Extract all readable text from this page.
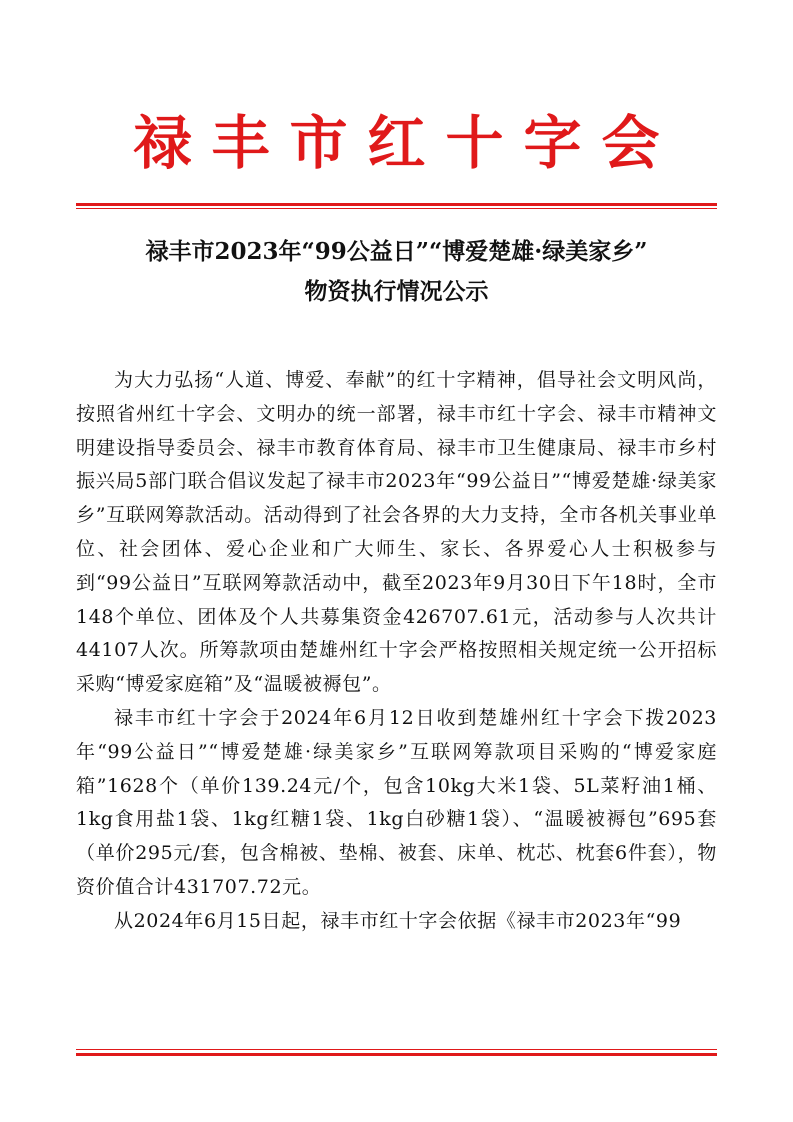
禄丰市红十字会
禄丰市2023年“99公益日”“博爱楚雄·绿美家乡”
物资执行情况公示

为大力弘扬“人道、博爱、奉献”的红十字精神，倡导社会文明风尚，按照省州红十字会、文明办的统一部署，禄丰市红十字会、禄丰市精神文明建设指导委员会、禄丰市教育体育局、禄丰市卫生健康局、禄丰市乡村振兴局5部门联合倡议发起了禄丰市2023年“99公益日”“博爱楚雄·绿美家乡”互联网筹款活动。活动得到了社会各界的大力支持，全市各机关事业单位、社会团体、爱心企业和广大师生、家长、各界爱心人士积极参与到“99公益日”互联网筹款活动中，截至2023年9月30日下午18时，全市148个单位、团体及个人共募集资金426707.61元，活动参与人次共计44107人次。所筹款项由楚雄州红十字会严格按照相关规定统一公开招标采购“博爱家庭箱”及“温暖被褥包”。

禄丰市红十字会于2024年6月12日收到楚雄州红十字会下拨2023年“99公益日”“博爱楚雄·绿美家乡”互联网筹款项目采购的“博爱家庭箱”1628个（单价139.24元/个，包含10kg大米1袋、5L菜籽油1桶、1kg食用盐1袋、1kg红糖1袋、1kg白砂糖1袋）、“温暖被褥包”695套（单价295元/套，包含棉被、垫棉、被套、床单、枕芯、枕套6件套），物资价值合计431707.72元。

从2024年6月15日起，禄丰市红十字会依据《禄丰市2023年“99
